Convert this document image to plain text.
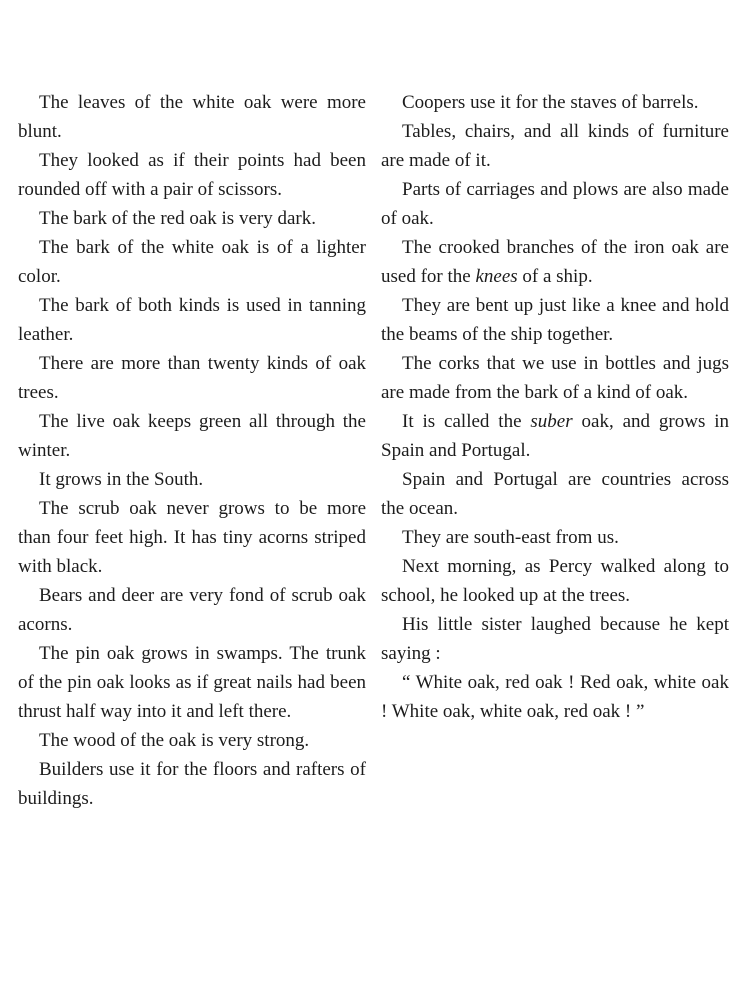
The leaves of the white oak were more blunt.

They looked as if their points had been rounded off with a pair of scissors.

The bark of the red oak is very dark.

The bark of the white oak is of a lighter color.

The bark of both kinds is used in tanning leather.

There are more than twenty kinds of oak trees.

The live oak keeps green all through the winter.

It grows in the South.

The scrub oak never grows to be more than four feet high. It has tiny acorns striped with black.

Bears and deer are very fond of scrub oak acorns.

The pin oak grows in swamps. The trunk of the pin oak looks as if great nails had been thrust half way into it and left there.

The wood of the oak is very strong.

Builders use it for the floors and rafters of buildings.

Coopers use it for the staves of barrels.

Tables, chairs, and all kinds of furniture are made of it.

Parts of carriages and plows are also made of oak.

The crooked branches of the iron oak are used for the knees of a ship.

They are bent up just like a knee and hold the beams of the ship together.

The corks that we use in bottles and jugs are made from the bark of a kind of oak.

It is called the suber oak, and grows in Spain and Portugal.

Spain and Portugal are countries across the ocean.

They are south-east from us.

Next morning, as Percy walked along to school, he looked up at the trees.

His little sister laughed because he kept saying :

“ White oak, red oak ! Red oak, white oak ! White oak, white oak, red oak ! ”
